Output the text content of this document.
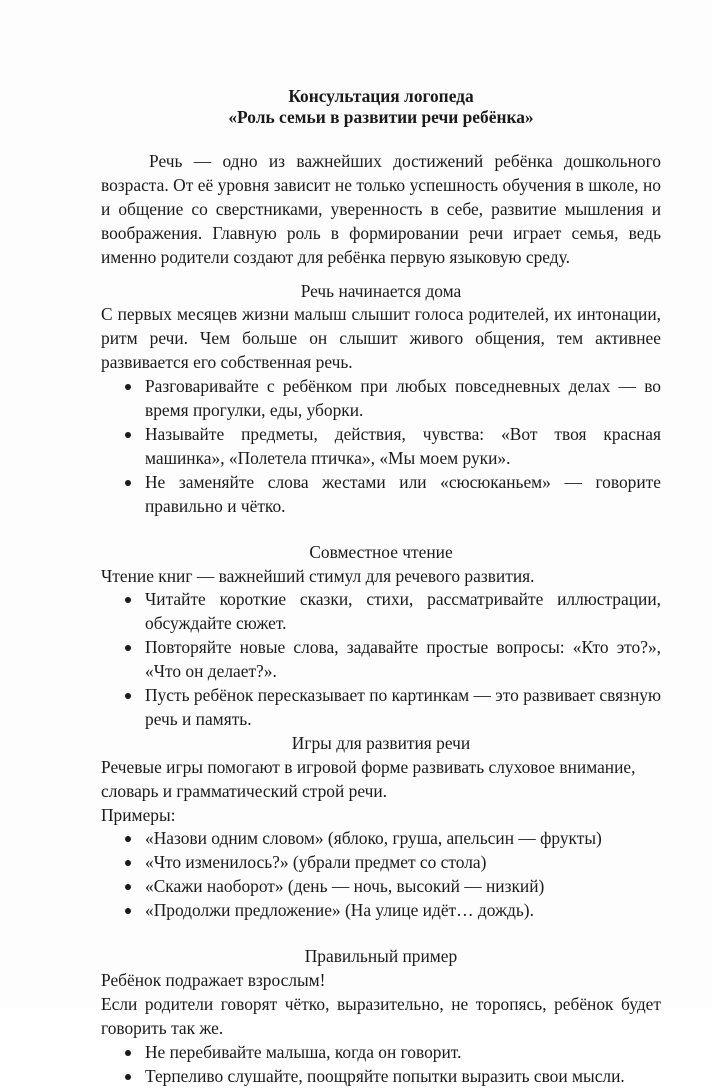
Консультация логопеда

«Роль семьи в развитии речи ребёнка»

Речь — одно из важнейших достижений ребёнка дошкольного возраста. От её уровня зависит не только успешность обучения в школе, но и общение со сверстниками, уверенность в себе, развитие мышления и воображения. Главную роль в формировании речи играет семья, ведь именно родители создают для ребёнка первую языковую среду.

Речь начинается дома

С первых месяцев жизни малыш слышит голоса родителей, их интонации, ритм речи. Чем больше он слышит живого общения, тем активнее развивается его собственная речь.

Разговаривайте с ребёнком при любых повседневных делах — во время прогулки, еды, уборки.
Называйте предметы, действия, чувства: «Вот твоя красная машинка», «Полетела птичка», «Мы моем руки».
Не заменяйте слова жестами или «сюсюканьем» — говорите правильно и чётко.

Совместное чтение

Чтение книг — важнейший стимул для речевого развития.

Читайте короткие сказки, стихи, рассматривайте иллюстрации, обсуждайте сюжет.
Повторяйте новые слова, задавайте простые вопросы: «Кто это?», «Что он делает?».
Пусть ребёнок пересказывает по картинкам — это развивает связную речь и память.

Игры для развития речи

Речевые игры помогают в игровой форме развивать слуховое внимание,

словарь и грамматический строй речи.

Примеры:

«Назови одним словом» (яблоко, груша, апельсин — фрукты)
«Что изменилось?» (убрали предмет со стола)
«Скажи наоборот» (день — ночь, высокий — низкий)
«Продолжи предложение» (На улице идёт… дождь).

Правильный пример

Ребёнок подражает взрослым!

Если родители говорят чётко, выразительно, не торопясь, ребёнок будет говорить так же.

Не перебивайте малыша, когда он говорит.
Терпеливо слушайте, поощряйте попытки выразить свои мысли.
